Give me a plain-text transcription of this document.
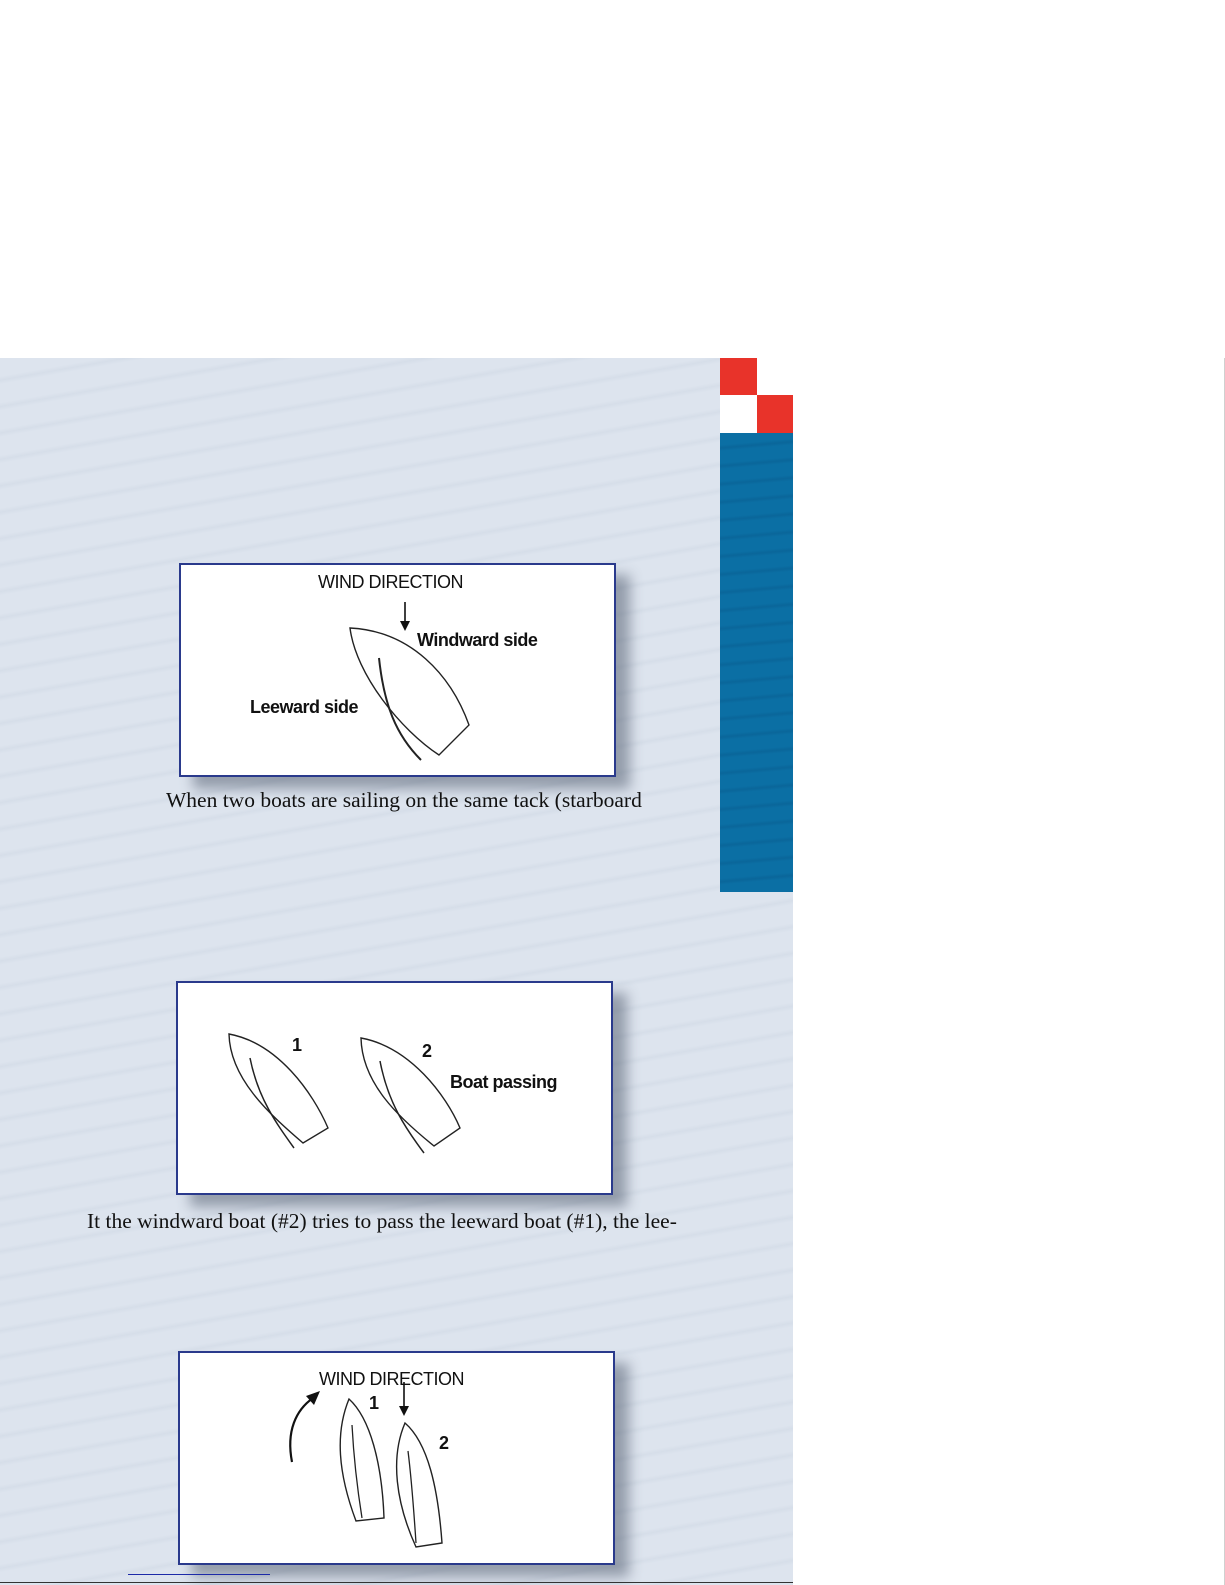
WIND DIRECTION
Windward side
Leeward side
When two boats are sailing on the same tack (starboard
1	2
Boat passing
It the windward boat (#2) tries to pass the leeward boat (#1), the lee-
WIND DIRECTION
1
2
